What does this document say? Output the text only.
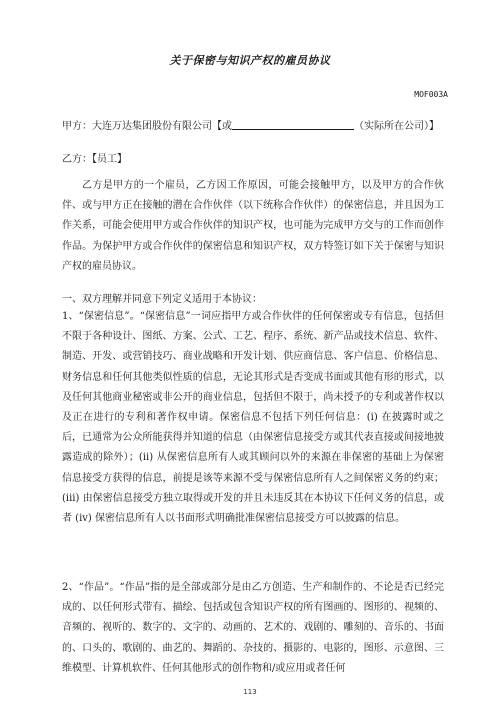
关于保密与知识产权的雇员协议
MOF003A
甲方：大连万达集团股份有限公司【或	（实际所在公司）】
乙方：【员工】

乙方是甲方的一个雇员，乙方因工作原因，可能会接触甲方，以及甲方的合作伙伴、或与甲方正在接触的潜在合作伙伴（以下统称合作伙伴）的保密信息，并且因为工作关系，可能会使用甲方或合作伙伴的知识产权，也可能为完成甲方交与的工作而创作作品。为保护甲方或合作伙伴的保密信息和知识产权，双方特签订如下关于保密与知识产权的雇员协议。

一、双方理解并同意下列定义适用于本协议：

1、“保密信息”。“保密信息”一词应指甲方或合作伙伴的任何保密或专有信息，包括但不限于各种设计、图纸、方案、公式、工艺、程序、系统、新产品或技术信息、软件、制造、开发、或营销技巧、商业战略和开发计划、供应商信息、客户信息、价格信息、财务信息和任何其他类似性质的信息，无论其形式是否变成书面或其他有形的形式，以及任何其他商业秘密或非公开的商业信息，包括但不限于，尚未授予的专利或著作权以及正在进行的专利和著作权申请。保密信息不包括下列任何信息：(i) 在披露时或之后，已通常为公众所能获得并知道的信息（由保密信息接受方或其代表直接或间接地披露造成的除外）；(ii) 从保密信息所有人或其顾问以外的来源在非保密的基础上为保密信息接受方获得的信息，前提是该等来源不受与保密信息所有人之间保密义务的约束；(iii) 由保密信息接受方独立取得或开发的并且未违反其在本协议下任何义务的信息，或者 (iv) 保密信息所有人以书面形式明确批准保密信息接受方可以披露的信息。

2、“作品”。“作品”指的是全部或部分是由乙方创造、生产和制作的、不论是否已经完成的、以任何形式带有、描绘、包括或包含知识产权的所有图画的、图形的、视频的、音频的、视听的、数字的、文字的、动画的、艺术的、戏剧的、雕刻的、音乐的、书面的、口头的、歌剧的、曲艺的、舞蹈的、杂技的、摄影的、电影的，图形、示意图、三维模型、计算机软件、任何其他形式的创作物和/或应用或者任何

113
